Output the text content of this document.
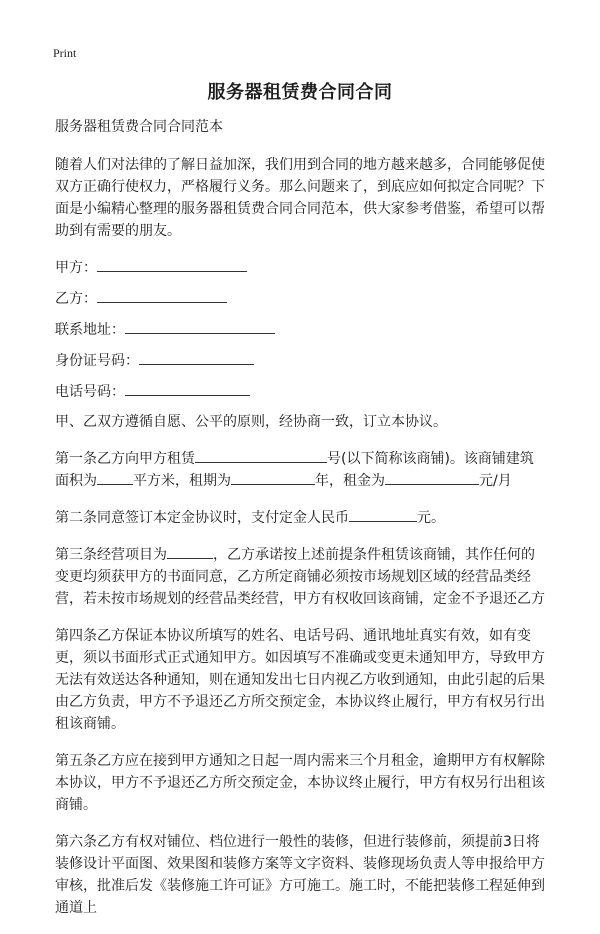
Print
服务器租赁费合同合同

服务器租赁费合同合同范本

随着人们对法律的了解日益加深，我们用到合同的地方越来越多，合同能够促使双方正确行使权力，严格履行义务。那么问题来了，到底应如何拟定合同呢？下面是小编精心整理的服务器租赁费合同合同范本，供大家参考借鉴，希望可以帮助到有需要的朋友。

甲方：

乙方：

联系地址：

身份证号码：

电话号码：

甲、乙双方遵循自愿、公平的原则，经协商一致，订立本协议。

第一条乙方向甲方租赁	号(以下简称该商铺)。该商铺建筑面积为	平方米，租期为	年，租金为	元/月

第二条同意签订本定金协议时，支付定金人民币	元。

第三条经营项目为	，乙方承诺按上述前提条件租赁该商铺，其作任何的变更均须获甲方的书面同意，乙方所定商铺必须按市场规划区域的经营品类经营，若未按市场规划的经营品类经营，甲方有权收回该商铺，定金不予退还乙方

第四条乙方保证本协议所填写的姓名、电话号码、通讯地址真实有效，如有变更，须以书面形式正式通知甲方。如因填写不准确或变更未通知甲方，导致甲方无法有效送达各种通知，则在通知发出七日内视乙方收到通知，由此引起的后果由乙方负责，甲方不予退还乙方所交预定金，本协议终止履行，甲方有权另行出租该商铺。

第五条乙方应在接到甲方通知之日起一周内需来三个月租金，逾期甲方有权解除本协议，甲方不予退还乙方所交预定金，本协议终止履行，甲方有权另行出租该商铺。

第六条乙方有权对铺位、档位进行一般性的装修，但进行装修前，须提前3日将装修设计平面图、效果图和装修方案等文字资料、装修现场负责人等申报给甲方审核，批准后发《装修施工许可证》方可施工。施工时，不能把装修工程延伸到通道上
